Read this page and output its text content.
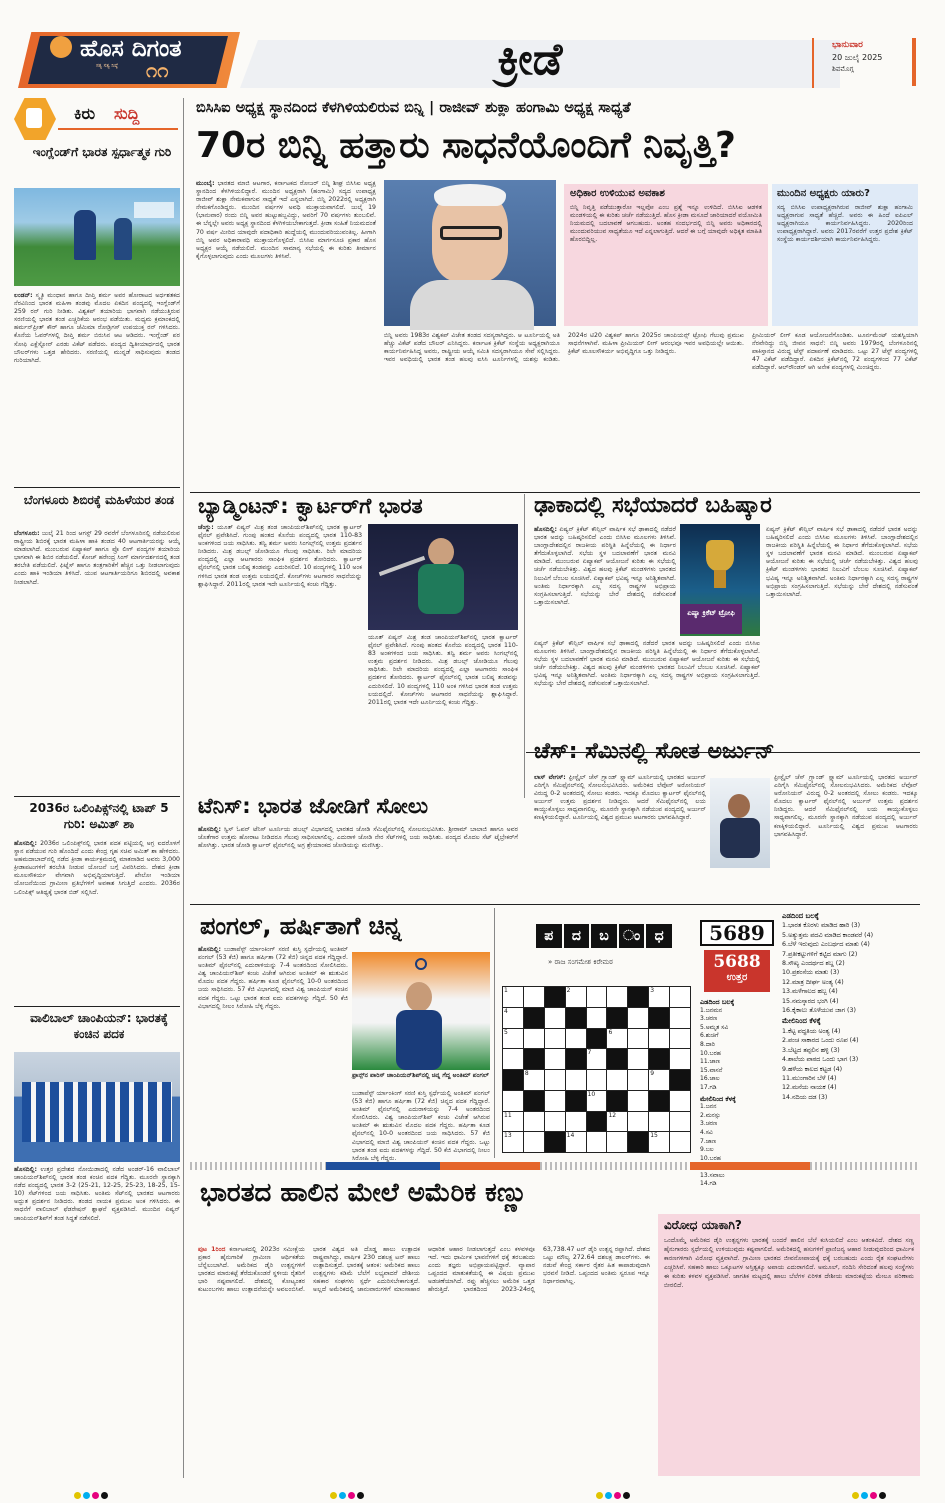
ಹೊಸ ದಿಗಂತ
ಸತ್ಯ ಸತ್ವ ನಿಷ್ಠೆ ೧೧	ಕ್ರೀಡೆ	ಭಾನುವಾರ
20 ಜುಲೈ 2025
ಶಿವಮೊಗ್ಗ
ಕಿರು ಸುದ್ದಿ
ಇಂಗ್ಲೆಂಡ್‌ಗೆ ಭಾರತ ಸ್ಪರ್ಧಾತ್ಮಕ ಗುರಿ
ಲಂಡನ್: ಸ್ಮೃತಿ ಮಂಧಾನ ಹಾಗೂ ದೀಪ್ತಿ ಶರ್ಮ ಅವರ ಹೋರಾಟದ ಅರ್ಧಶತಕದ ನೆರವಿನಿಂದ ಭಾರತ ಮಹಿಳಾ ತಂಡವು ಮೊದಲ ಏಕದಿನ ಪಂದ್ಯದಲ್ಲಿ ಇಂಗ್ಲೆಂಡ್‌ಗೆ 259 ರನ್ ಗುರಿ ನೀಡಿತು. ವಿಶ್ವಕಪ್ ತಯಾರಿಯ ಭಾಗವಾಗಿ ನಡೆಯುತ್ತಿರುವ ಸರಣಿಯಲ್ಲಿ ಭಾರತ ತಂಡ ಎಚ್ಚರಿಕೆಯ ಆರಂಭ ಪಡೆಯಿತು. ಮಧ್ಯಮ ಕ್ರಮಾಂಕದಲ್ಲಿ ಹರ್ಮನ್‌ಪ್ರೀತ್ ಕೌರ್ ಹಾಗೂ ಜೆಮಿಮಾ ರೋಡ್ರಿಗಸ್ ಉಪಯುಕ್ತ ರನ್ ಗಳಿಸಿದರು. ಕೊನೆಯ ಓವರ್‌ಗಳಲ್ಲಿ ದೀಪ್ತಿ ಶರ್ಮ ಬಿರುಸಿನ ಆಟ ಆಡಿದರು. ಇಂಗ್ಲೆಂಡ್ ಪರ ಸೋಫಿ ಎಕ್ಲೆಸ್ಟೋನ್ ಎರಡು ವಿಕೆಟ್ ಪಡೆದರು. ಪಂದ್ಯದ ದ್ವಿತೀಯಾರ್ಧದಲ್ಲಿ ಭಾರತ ಬೌಲರ್‌ಗಳು ಒತ್ತಡ ಹೇರಿದರು. ಸರಣಿಯಲ್ಲಿ ಮುನ್ನಡೆ ಸಾಧಿಸುವುದು ತಂಡದ ಗುರಿಯಾಗಿದೆ.
ಬೆಂಗಳೂರು ಶಿಬಿರಕ್ಕೆ ಮಹಿಳೆಯರ ತಂಡ
ಬೆಂಗಳೂರು: ಜುಲೈ 21 ರಿಂದ ಆಗಸ್ಟ್ 29 ರವರೆಗೆ ಬೆಂಗಳೂರಿನಲ್ಲಿ ನಡೆಯಲಿರುವ ರಾಷ್ಟ್ರೀಯ ಶಿಬಿರಕ್ಕೆ ಭಾರತ ಮಹಿಳಾ ಹಾಕಿ ತಂಡದ 40 ಆಟಗಾರ್ತಿಯರನ್ನು ಆಯ್ಕೆ ಮಾಡಲಾಗಿದೆ. ಮುಂಬರುವ ಏಷ್ಯಾಕಪ್ ಹಾಗೂ ಪ್ರೊ ಲೀಗ್ ಪಂದ್ಯಗಳ ತಯಾರಿಯ ಭಾಗವಾಗಿ ಈ ಶಿಬಿರ ನಡೆಯಲಿದೆ. ಕೋಚ್ ಹರೇಂದ್ರ ಸಿಂಗ್ ಮಾರ್ಗದರ್ಶನದಲ್ಲಿ ತಂಡ ತರಬೇತಿ ಪಡೆಯಲಿದೆ. ಫಿಟ್ನೆಸ್ ಹಾಗೂ ತಂತ್ರಗಾರಿಕೆಗೆ ಹೆಚ್ಚಿನ ಒತ್ತು ನೀಡಲಾಗುವುದು ಎಂದು ಹಾಕಿ ಇಂಡಿಯಾ ತಿಳಿಸಿದೆ. ಯುವ ಆಟಗಾರ್ತಿಯರಿಗೂ ಶಿಬಿರದಲ್ಲಿ ಅವಕಾಶ ನೀಡಲಾಗಿದೆ.
2036ರ ಒಲಿಂಪಿಕ್ಸ್‌ನಲ್ಲಿ ಟಾಪ್ 5 ಗುರಿ: ಅಮಿತ್ ಶಾ
ಹೊಸದಿಲ್ಲಿ: 2036ರ ಒಲಿಂಪಿಕ್ಸ್‌ನಲ್ಲಿ ಭಾರತ ಪದಕ ಪಟ್ಟಿಯಲ್ಲಿ ಅಗ್ರ ಐದರೊಳಗೆ ಸ್ಥಾನ ಪಡೆಯುವ ಗುರಿ ಹೊಂದಿದೆ ಎಂದು ಕೇಂದ್ರ ಗೃಹ ಸಚಿವ ಅಮಿತ್ ಶಾ ಹೇಳಿದರು. ಅಹಮದಾಬಾದ್‌ನಲ್ಲಿ ನಡೆದ ಕ್ರೀಡಾ ಕಾರ್ಯಕ್ರಮದಲ್ಲಿ ಮಾತನಾಡಿದ ಅವರು 3,000 ಕ್ರೀಡಾಪಟುಗಳಿಗೆ ತರಬೇತಿ ನೀಡುವ ಯೋಜನೆ ಬಗ್ಗೆ ವಿವರಿಸಿದರು. ದೇಶದ ಕ್ರೀಡಾ ಮೂಲಸೌಕರ್ಯ ವೇಗವಾಗಿ ಅಭಿವೃದ್ಧಿಯಾಗುತ್ತಿದೆ. ಖೇಲೋ ಇಂಡಿಯಾ ಯೋಜನೆಯಿಂದ ಗ್ರಾಮೀಣ ಪ್ರತಿಭೆಗಳಿಗೆ ಅವಕಾಶ ಸಿಗುತ್ತಿದೆ ಎಂದರು. 2036ರ ಒಲಿಂಪಿಕ್ಸ್ ಆತಿಥ್ಯಕ್ಕೆ ಭಾರತ ಬಿಡ್ ಸಲ್ಲಿಸಿದೆ.
ವಾಲಿಬಾಲ್ ಚಾಂಪಿಯನ್: ಭಾರತಕ್ಕೆ ಕಂಚಿನ ಪದಕ
ಹೊಸದಿಲ್ಲಿ: ಉತ್ತರ ಪ್ರದೇಶದ ನೋಯಿಡಾದಲ್ಲಿ ನಡೆದ ಅಂಡರ್-16 ವಾಲಿಬಾಲ್ ಚಾಂಪಿಯನ್‌ಶಿಪ್‌ನಲ್ಲಿ ಭಾರತ ತಂಡ ಕಂಚಿನ ಪದಕ ಗೆದ್ದಿತು. ಮೂರನೇ ಸ್ಥಾನಕ್ಕಾಗಿ ನಡೆದ ಪಂದ್ಯದಲ್ಲಿ ಭಾರತ 3-2 (25-21, 12-25, 25-23, 18-25, 15-10) ಸೆಟ್‌ಗಳಿಂದ ಜಯ ಸಾಧಿಸಿತು. ಅಂತಿಮ ಸೆಟ್‌ನಲ್ಲಿ ಭಾರತದ ಆಟಗಾರರು ಅದ್ಭುತ ಪ್ರದರ್ಶನ ನೀಡಿದರು. ತಂಡದ ನಾಯಕ ಪ್ರಮುಖ ಅಂಕ ಗಳಿಸಿದರು. ಈ ಸಾಧನೆಗೆ ವಾಲಿಬಾಲ್ ಫೆಡರೇಷನ್ ಶ್ಲಾಘನೆ ವ್ಯಕ್ತಪಡಿಸಿದೆ. ಮುಂದಿನ ಏಷ್ಯನ್ ಚಾಂಪಿಯನ್‌ಶಿಪ್‌ಗೆ ತಂಡ ಸಿದ್ಧತೆ ನಡೆಸಲಿದೆ.
ಬಿಸಿಸಿಐ ಅಧ್ಯಕ್ಷ ಸ್ಥಾನದಿಂದ ಕೆಳಗಿಳಿಯಲಿರುವ ಬಿನ್ನಿ | ರಾಜೀವ್ ಶುಕ್ಲಾ ಹಂಗಾಮಿ ಅಧ್ಯಕ್ಷ ಸಾಧ್ಯತೆ
70ರ ಬಿನ್ನಿ ಹತ್ತಾರು ಸಾಧನೆಯೊಂದಿಗೆ ನಿವೃತ್ತಿ?
ಮುಂಬೈ: ಭಾರತದ ಮಾಜಿ ಆಟಗಾರ, ಕರ್ನಾಟಕದ ರೋಜರ್ ಬಿನ್ನಿ ಶೀಘ್ರ ಬಿಸಿಸಿಐ ಅಧ್ಯಕ್ಷ ಸ್ಥಾನದಿಂದ ಕೆಳಗಿಳಿಯಲಿದ್ದಾರೆ. ಮುಂದಿನ ಅಧ್ಯಕ್ಷರಾಗಿ (ಹಂಗಾಮಿ) ಸದ್ಯದ ಉಪಾಧ್ಯಕ್ಷ ರಾಜೀವ್ ಶುಕ್ಲಾ ನೇಮಕವಾಗುವ ಸಾಧ್ಯತೆ ಇದೆ ಎನ್ನಲಾಗಿದೆ. ಬಿನ್ನಿ 2022ರಲ್ಲಿ ಅಧ್ಯಕ್ಷರಾಗಿ ನೇಮಕಗೊಂಡಿದ್ದರು. ಮುಂದಿನ ವರ್ಷಗಳ ಅವಧಿ ಮುಕ್ತಾಯವಾಗಲಿದೆ. ಜುಲೈ 19 (ಭಾನುವಾರ) ರಂದು ಬಿನ್ನಿ ಅವರ ಹುಟ್ಟುಹಬ್ಬವಿದ್ದು, ಅವರಿಗೆ 70 ವರ್ಷಗಳು ತುಂಬಲಿವೆ. ಈ ಬೆನ್ನಲ್ಲೇ ಅವರು ಅಧ್ಯಕ್ಷ ಸ್ಥಾನದಿಂದ ಕೆಳಗಿಳಿಯಬೇಕಾಗುತ್ತದೆ. ಕ್ರೀಡಾ ಸಂಹಿತೆ ನಿಯಮದಂತೆ 70 ವರ್ಷ ಮೀರಿದ ಯಾವುದೇ ಪದಾಧಿಕಾರಿ ಹುದ್ದೆಯಲ್ಲಿ ಮುಂದುವರಿಯುವಂತಿಲ್ಲ. ಹೀಗಾಗಿ ಬಿನ್ನಿ ಅವರ ಅಧಿಕಾರಾವಧಿ ಮುಕ್ತಾಯಗೊಳ್ಳಲಿದೆ. ಬಿಸಿಸಿಐ ಮಾರ್ಗಸೂಚಿ ಪ್ರಕಾರ ಹೊಸ ಅಧ್ಯಕ್ಷರ ಆಯ್ಕೆ ನಡೆಯಲಿದೆ. ಮುಂದಿನ ಸಾಮಾನ್ಯ ಸಭೆಯಲ್ಲಿ ಈ ಕುರಿತು ತೀರ್ಮಾನ ಕೈಗೊಳ್ಳಲಾಗುವುದು ಎಂದು ಮೂಲಗಳು ತಿಳಿಸಿವೆ.
ಅಧಿಕಾರ ಉಳಿಯುವ ಅವಕಾಶ
ಬಿನ್ನಿ ನಿವೃತ್ತಿ ಪಡೆಯುತ್ತಾರೋ ಇಲ್ಲವೋ ಎಂಬ ಪ್ರಶ್ನೆ ಇನ್ನೂ ಉಳಿದಿದೆ. ಬಿಸಿಸಿಐ ಆಡಳಿತ ಮಂಡಳಿಯಲ್ಲಿ ಈ ಕುರಿತು ಚರ್ಚೆ ನಡೆಯುತ್ತಿದೆ. ಹೊಸ ಕ್ರೀಡಾ ಮಸೂದೆ ಜಾರಿಯಾದರೆ ವಯೋಮಿತಿ ನಿಯಮದಲ್ಲಿ ಬದಲಾವಣೆ ಆಗಬಹುದು. ಅಂತಹ ಸಂದರ್ಭದಲ್ಲಿ ಬಿನ್ನಿ ಅವರು ಅಧಿಕಾರದಲ್ಲಿ ಮುಂದುವರಿಯುವ ಸಾಧ್ಯತೆಯೂ ಇದೆ ಎನ್ನಲಾಗುತ್ತಿದೆ. ಆದರೆ ಈ ಬಗ್ಗೆ ಯಾವುದೇ ಅಧಿಕೃತ ಮಾಹಿತಿ ಹೊರಬಿದ್ದಿಲ್ಲ.
ಮುಂದಿನ ಅಧ್ಯಕ್ಷರು ಯಾರು?
ಸದ್ಯ ಬಿಸಿಸಿಐ ಉಪಾಧ್ಯಕ್ಷರಾಗಿರುವ ರಾಜೀವ್ ಶುಕ್ಲಾ ಹಂಗಾಮಿ ಅಧ್ಯಕ್ಷರಾಗುವ ಸಾಧ್ಯತೆ ಹೆಚ್ಚಿದೆ. ಅವರು ಈ ಹಿಂದೆ ಐಪಿಎಲ್ ಅಧ್ಯಕ್ಷರಾಗಿಯೂ ಕಾರ್ಯನಿರ್ವಹಿಸಿದ್ದರು. 2020ರಿಂದ ಉಪಾಧ್ಯಕ್ಷರಾಗಿದ್ದಾರೆ. ಅವರು 2017ರವರೆಗೆ ಉತ್ತರ ಪ್ರದೇಶ ಕ್ರಿಕೆಟ್ ಸಂಸ್ಥೆಯ ಕಾರ್ಯದರ್ಶಿಯಾಗಿ ಕಾರ್ಯನಿರ್ವಹಿಸಿದ್ದರು.
ಬಿನ್ನಿ ಅವರು 1983ರ ವಿಶ್ವಕಪ್ ವಿಜೇತ ತಂಡದ ಸದಸ್ಯರಾಗಿದ್ದರು. ಆ ಟೂರ್ನಿಯಲ್ಲಿ ಅತಿ ಹೆಚ್ಚು ವಿಕೆಟ್ ಪಡೆದ ಬೌಲರ್ ಎನಿಸಿದ್ದರು. ಕರ್ನಾಟಕ ಕ್ರಿಕೆಟ್ ಸಂಸ್ಥೆಯ ಅಧ್ಯಕ್ಷರಾಗಿಯೂ ಕಾರ್ಯನಿರ್ವಹಿಸಿದ್ದ ಅವರು, ರಾಷ್ಟ್ರೀಯ ಆಯ್ಕೆ ಸಮಿತಿ ಸದಸ್ಯರಾಗಿಯೂ ಸೇವೆ ಸಲ್ಲಿಸಿದ್ದರು. ಇವರ ಅವಧಿಯಲ್ಲಿ ಭಾರತ ತಂಡ ಹಲವು ಐಸಿಸಿ ಟೂರ್ನಿಗಳಲ್ಲಿ ಯಶಸ್ಸು ಕಂಡಿತು. 2024ರ ಟಿ20 ವಿಶ್ವಕಪ್ ಹಾಗೂ 2025ರ ಚಾಂಪಿಯನ್ಸ್ ಟ್ರೋಫಿ ಗೆಲುವು ಪ್ರಮುಖ ಸಾಧನೆಗಳಾಗಿವೆ. ಮಹಿಳಾ ಪ್ರೀಮಿಯರ್ ಲೀಗ್ ಆರಂಭವೂ ಇವರ ಅವಧಿಯಲ್ಲೇ ಆಯಿತು. ಕ್ರಿಕೆಟ್ ಮೂಲಸೌಕರ್ಯ ಅಭಿವೃದ್ಧಿಗೂ ಒತ್ತು ನೀಡಿದ್ದರು.
ಪ್ರೀಮಿಯರ್ ಲೀಗ್ ಕೂಡ ಆಯೋಜನೆಗೊಂಡಿತು. ಟೂರ್ನಮೆಂಟ್ ಯಶಸ್ವಿಯಾಗಿ ನೆರವೇರಿದ್ದು ಬಿನ್ನಿ ಜೀವನ ಸಾಧನೆ: ಬಿನ್ನಿ ಅವರು 1979ರಲ್ಲಿ ಬೆಂಗಳೂರಿನಲ್ಲಿ ಪಾಕಿಸ್ತಾನದ ವಿರುದ್ಧ ಟೆಸ್ಟ್ ಪದಾರ್ಪಣೆ ಮಾಡಿದರು. ಒಟ್ಟು 27 ಟೆಸ್ಟ್ ಪಂದ್ಯಗಳಲ್ಲಿ 47 ವಿಕೆಟ್ ಪಡೆದಿದ್ದಾರೆ. ಏಕದಿನ ಕ್ರಿಕೆಟ್‌ನಲ್ಲಿ 72 ಪಂದ್ಯಗಳಿಂದ 77 ವಿಕೆಟ್ ಪಡೆದಿದ್ದಾರೆ. ಆಲ್‌ರೌಂಡರ್ ಆಗಿ ಅನೇಕ ಪಂದ್ಯಗಳಲ್ಲಿ ಮಿಂಚಿದ್ದರು.
ಬ್ಯಾಡ್ಮಿಂಟನ್: ಕ್ವಾರ್ಟರ್‌ಗೆ ಭಾರತ
ಚೆಂಗ್ಡು: ಯೂತ್ ಏಷ್ಯನ್ ಮಿಶ್ರ ತಂಡ ಚಾಂಪಿಯನ್‌ಶಿಪ್‌ನಲ್ಲಿ ಭಾರತ ಕ್ವಾರ್ಟರ್ ಫೈನಲ್ ಪ್ರವೇಶಿಸಿದೆ. ಗುಂಪು ಹಂತದ ಕೊನೆಯ ಪಂದ್ಯದಲ್ಲಿ ಭಾರತ 110-83 ಅಂಕಗಳಿಂದ ಜಯ ಸಾಧಿಸಿತು. ತನ್ವಿ ಶರ್ಮ ಅವರು ಸಿಂಗಲ್ಸ್‌ನಲ್ಲಿ ಉತ್ತಮ ಪ್ರದರ್ಶನ ನೀಡಿದರು. ಮಿಶ್ರ ಡಬಲ್ಸ್ ಜೋಡಿಯೂ ಗೆಲುವು ಸಾಧಿಸಿತು. ರಿಲೇ ಮಾದರಿಯ ಪಂದ್ಯದಲ್ಲಿ ಎಲ್ಲಾ ಆಟಗಾರರು ಸಾಂಘಿಕ ಪ್ರದರ್ಶನ ತೋರಿದರು. ಕ್ವಾರ್ಟರ್ ಫೈನಲ್‌ನಲ್ಲಿ ಭಾರತ ಬಲಿಷ್ಠ ತಂಡವನ್ನು ಎದುರಿಸಲಿದೆ. 10 ಪಂದ್ಯಗಳಲ್ಲಿ 110 ಅಂಕ ಗಳಿಸಿದ ಭಾರತ ತಂಡ ಉತ್ತಮ ಲಯದಲ್ಲಿದೆ. ಕೋಚ್‌ಗಳು ಆಟಗಾರರ ಸಾಧನೆಯನ್ನು ಶ್ಲಾಘಿಸಿದ್ದಾರೆ. 2011ರಲ್ಲಿ ಭಾರತ ಇದೇ ಟೂರ್ನಿಯಲ್ಲಿ ಕಂಚು ಗೆದ್ದಿತ್ತು.
ಯೂತ್ ಏಷ್ಯನ್ ಮಿಶ್ರ ತಂಡ ಚಾಂಪಿಯನ್‌ಶಿಪ್‌ನಲ್ಲಿ ಭಾರತ ಕ್ವಾರ್ಟರ್ ಫೈನಲ್ ಪ್ರವೇಶಿಸಿದೆ. ಗುಂಪು ಹಂತದ ಕೊನೆಯ ಪಂದ್ಯದಲ್ಲಿ ಭಾರತ 110-83 ಅಂಕಗಳಿಂದ ಜಯ ಸಾಧಿಸಿತು. ತನ್ವಿ ಶರ್ಮ ಅವರು ಸಿಂಗಲ್ಸ್‌ನಲ್ಲಿ ಉತ್ತಮ ಪ್ರದರ್ಶನ ನೀಡಿದರು. ಮಿಶ್ರ ಡಬಲ್ಸ್ ಜೋಡಿಯೂ ಗೆಲುವು ಸಾಧಿಸಿತು. ರಿಲೇ ಮಾದರಿಯ ಪಂದ್ಯದಲ್ಲಿ ಎಲ್ಲಾ ಆಟಗಾರರು ಸಾಂಘಿಕ ಪ್ರದರ್ಶನ ತೋರಿದರು. ಕ್ವಾರ್ಟರ್ ಫೈನಲ್‌ನಲ್ಲಿ ಭಾರತ ಬಲಿಷ್ಠ ತಂಡವನ್ನು ಎದುರಿಸಲಿದೆ. 10 ಪಂದ್ಯಗಳಲ್ಲಿ 110 ಅಂಕ ಗಳಿಸಿದ ಭಾರತ ತಂಡ ಉತ್ತಮ ಲಯದಲ್ಲಿದೆ. ಕೋಚ್‌ಗಳು ಆಟಗಾರರ ಸಾಧನೆಯನ್ನು ಶ್ಲಾಘಿಸಿದ್ದಾರೆ. 2011ರಲ್ಲಿ ಭಾರತ ಇದೇ ಟೂರ್ನಿಯಲ್ಲಿ ಕಂಚು ಗೆದ್ದಿತ್ತು.
ಢಾಕಾದಲ್ಲಿ ಸಭೆಯಾದರೆ ಬಹಿಷ್ಕಾರ
ಹೊಸದಿಲ್ಲಿ: ಏಷ್ಯನ್ ಕ್ರಿಕೆಟ್ ಕೌನ್ಸಿಲ್ ವಾರ್ಷಿಕ ಸಭೆ ಢಾಕಾದಲ್ಲಿ ನಡೆದರೆ ಭಾರತ ಅದನ್ನು ಬಹಿಷ್ಕರಿಸಲಿದೆ ಎಂದು ಬಿಸಿಸಿಐ ಮೂಲಗಳು ತಿಳಿಸಿವೆ. ಬಾಂಗ್ಲಾದೇಶದಲ್ಲಿನ ರಾಜಕೀಯ ಪರಿಸ್ಥಿತಿ ಹಿನ್ನೆಲೆಯಲ್ಲಿ ಈ ನಿರ್ಧಾರ ತೆಗೆದುಕೊಳ್ಳಲಾಗಿದೆ. ಸಭೆಯ ಸ್ಥಳ ಬದಲಾವಣೆಗೆ ಭಾರತ ಮನವಿ ಮಾಡಿದೆ. ಮುಂಬರುವ ಏಷ್ಯಾಕಪ್ ಆಯೋಜನೆ ಕುರಿತು ಈ ಸಭೆಯಲ್ಲಿ ಚರ್ಚೆ ನಡೆಯಬೇಕಿತ್ತು. ವಿಶ್ವದ ಹಲವು ಕ್ರಿಕೆಟ್ ಮಂಡಳಿಗಳು ಭಾರತದ ನಿಲುವಿಗೆ ಬೆಂಬಲ ಸೂಚಿಸಿವೆ. ಏಷ್ಯಾಕಪ್ ಭವಿಷ್ಯ ಇನ್ನೂ ಅನಿಶ್ಚಿತವಾಗಿದೆ. ಅಂತಿಮ ನಿರ್ಧಾರಕ್ಕಾಗಿ ಎಲ್ಲ ಸದಸ್ಯ ರಾಷ್ಟ್ರಗಳ ಅಭಿಪ್ರಾಯ ಸಂಗ್ರಹಿಸಲಾಗುತ್ತಿದೆ. ಸಭೆಯನ್ನು ಬೇರೆ ದೇಶದಲ್ಲಿ ನಡೆಸುವಂತೆ ಒತ್ತಾಯಿಸಲಾಗಿದೆ.
ಏಷ್ಯಾ ಕ್ರಿಕೆಟ್ ಟ್ರೋಫಿ
ಏಷ್ಯನ್ ಕ್ರಿಕೆಟ್ ಕೌನ್ಸಿಲ್ ವಾರ್ಷಿಕ ಸಭೆ ಢಾಕಾದಲ್ಲಿ ನಡೆದರೆ ಭಾರತ ಅದನ್ನು ಬಹಿಷ್ಕರಿಸಲಿದೆ ಎಂದು ಬಿಸಿಸಿಐ ಮೂಲಗಳು ತಿಳಿಸಿವೆ. ಬಾಂಗ್ಲಾದೇಶದಲ್ಲಿನ ರಾಜಕೀಯ ಪರಿಸ್ಥಿತಿ ಹಿನ್ನೆಲೆಯಲ್ಲಿ ಈ ನಿರ್ಧಾರ ತೆಗೆದುಕೊಳ್ಳಲಾಗಿದೆ. ಸಭೆಯ ಸ್ಥಳ ಬದಲಾವಣೆಗೆ ಭಾರತ ಮನವಿ ಮಾಡಿದೆ. ಮುಂಬರುವ ಏಷ್ಯಾಕಪ್ ಆಯೋಜನೆ ಕುರಿತು ಈ ಸಭೆಯಲ್ಲಿ ಚರ್ಚೆ ನಡೆಯಬೇಕಿತ್ತು. ವಿಶ್ವದ ಹಲವು ಕ್ರಿಕೆಟ್ ಮಂಡಳಿಗಳು ಭಾರತದ ನಿಲುವಿಗೆ ಬೆಂಬಲ ಸೂಚಿಸಿವೆ. ಏಷ್ಯಾಕಪ್ ಭವಿಷ್ಯ ಇನ್ನೂ ಅನಿಶ್ಚಿತವಾಗಿದೆ. ಅಂತಿಮ ನಿರ್ಧಾರಕ್ಕಾಗಿ ಎಲ್ಲ ಸದಸ್ಯ ರಾಷ್ಟ್ರಗಳ ಅಭಿಪ್ರಾಯ ಸಂಗ್ರಹಿಸಲಾಗುತ್ತಿದೆ. ಸಭೆಯನ್ನು ಬೇರೆ ದೇಶದಲ್ಲಿ ನಡೆಸುವಂತೆ ಒತ್ತಾಯಿಸಲಾಗಿದೆ.
ಏಷ್ಯನ್ ಕ್ರಿಕೆಟ್ ಕೌನ್ಸಿಲ್ ವಾರ್ಷಿಕ ಸಭೆ ಢಾಕಾದಲ್ಲಿ ನಡೆದರೆ ಭಾರತ ಅದನ್ನು ಬಹಿಷ್ಕರಿಸಲಿದೆ ಎಂದು ಬಿಸಿಸಿಐ ಮೂಲಗಳು ತಿಳಿಸಿವೆ. ಬಾಂಗ್ಲಾದೇಶದಲ್ಲಿನ ರಾಜಕೀಯ ಪರಿಸ್ಥಿತಿ ಹಿನ್ನೆಲೆಯಲ್ಲಿ ಈ ನಿರ್ಧಾರ ತೆಗೆದುಕೊಳ್ಳಲಾಗಿದೆ. ಸಭೆಯ ಸ್ಥಳ ಬದಲಾವಣೆಗೆ ಭಾರತ ಮನವಿ ಮಾಡಿದೆ. ಮುಂಬರುವ ಏಷ್ಯಾಕಪ್ ಆಯೋಜನೆ ಕುರಿತು ಈ ಸಭೆಯಲ್ಲಿ ಚರ್ಚೆ ನಡೆಯಬೇಕಿತ್ತು. ವಿಶ್ವದ ಹಲವು ಕ್ರಿಕೆಟ್ ಮಂಡಳಿಗಳು ಭಾರತದ ನಿಲುವಿಗೆ ಬೆಂಬಲ ಸೂಚಿಸಿವೆ. ಏಷ್ಯಾಕಪ್ ಭವಿಷ್ಯ ಇನ್ನೂ ಅನಿಶ್ಚಿತವಾಗಿದೆ. ಅಂತಿಮ ನಿರ್ಧಾರಕ್ಕಾಗಿ ಎಲ್ಲ ಸದಸ್ಯ ರಾಷ್ಟ್ರಗಳ ಅಭಿಪ್ರಾಯ ಸಂಗ್ರಹಿಸಲಾಗುತ್ತಿದೆ. ಸಭೆಯನ್ನು ಬೇರೆ ದೇಶದಲ್ಲಿ ನಡೆಸುವಂತೆ ಒತ್ತಾಯಿಸಲಾಗಿದೆ.
ಚೆಸ್: ಸೆಮಿನಲ್ಲಿ ಸೋತ ಅರ್ಜುನ್
ಲಾಸ್ ವೇಗಸ್: ಫ್ರೀಸ್ಟೈಲ್ ಚೆಸ್ ಗ್ರ್ಯಾಂಡ್ ಸ್ಲ್ಯಾಮ್ ಟೂರ್ನಿಯಲ್ಲಿ ಭಾರತದ ಅರ್ಜುನ್ ಎರಿಗೈಸಿ ಸೆಮಿಫೈನಲ್‌ನಲ್ಲಿ ಸೋಲನುಭವಿಸಿದರು. ಅಮೆರಿಕದ ಲೆವೊನ್ ಅರೋನಿಯನ್ ವಿರುದ್ಧ 0-2 ಅಂತರದಲ್ಲಿ ಸೋಲು ಕಂಡರು. ಇದಕ್ಕೂ ಮೊದಲು ಕ್ವಾರ್ಟರ್ ಫೈನಲ್‌ನಲ್ಲಿ ಅರ್ಜುನ್ ಉತ್ತಮ ಪ್ರದರ್ಶನ ನೀಡಿದ್ದರು. ಆದರೆ ಸೆಮಿಫೈನಲ್‌ನಲ್ಲಿ ಲಯ ಕಾಯ್ದುಕೊಳ್ಳಲು ಸಾಧ್ಯವಾಗಲಿಲ್ಲ. ಮೂರನೇ ಸ್ಥಾನಕ್ಕಾಗಿ ನಡೆಯುವ ಪಂದ್ಯದಲ್ಲಿ ಅರ್ಜುನ್ ಕಣಕ್ಕಿಳಿಯಲಿದ್ದಾರೆ. ಟೂರ್ನಿಯಲ್ಲಿ ವಿಶ್ವದ ಪ್ರಮುಖ ಆಟಗಾರರು ಭಾಗವಹಿಸಿದ್ದಾರೆ.
ಫ್ರೀಸ್ಟೈಲ್ ಚೆಸ್ ಗ್ರ್ಯಾಂಡ್ ಸ್ಲ್ಯಾಮ್ ಟೂರ್ನಿಯಲ್ಲಿ ಭಾರತದ ಅರ್ಜುನ್ ಎರಿಗೈಸಿ ಸೆಮಿಫೈನಲ್‌ನಲ್ಲಿ ಸೋಲನುಭವಿಸಿದರು. ಅಮೆರಿಕದ ಲೆವೊನ್ ಅರೋನಿಯನ್ ವಿರುದ್ಧ 0-2 ಅಂತರದಲ್ಲಿ ಸೋಲು ಕಂಡರು. ಇದಕ್ಕೂ ಮೊದಲು ಕ್ವಾರ್ಟರ್ ಫೈನಲ್‌ನಲ್ಲಿ ಅರ್ಜುನ್ ಉತ್ತಮ ಪ್ರದರ್ಶನ ನೀಡಿದ್ದರು. ಆದರೆ ಸೆಮಿಫೈನಲ್‌ನಲ್ಲಿ ಲಯ ಕಾಯ್ದುಕೊಳ್ಳಲು ಸಾಧ್ಯವಾಗಲಿಲ್ಲ. ಮೂರನೇ ಸ್ಥಾನಕ್ಕಾಗಿ ನಡೆಯುವ ಪಂದ್ಯದಲ್ಲಿ ಅರ್ಜುನ್ ಕಣಕ್ಕಿಳಿಯಲಿದ್ದಾರೆ. ಟೂರ್ನಿಯಲ್ಲಿ ವಿಶ್ವದ ಪ್ರಮುಖ ಆಟಗಾರರು ಭಾಗವಹಿಸಿದ್ದಾರೆ.
ಟೆನಿಸ್: ಭಾರತ ಜೋಡಿಗೆ ಸೋಲು
ಹೊಸದಿಲ್ಲಿ: ಸ್ವಿಸ್ ಓಪನ್ ಟೆನಿಸ್ ಟೂರ್ನಿಯ ಡಬಲ್ಸ್ ವಿಭಾಗದಲ್ಲಿ ಭಾರತದ ಜೋಡಿ ಸೆಮಿಫೈನಲ್‌ನಲ್ಲಿ ಸೋಲನುಭವಿಸಿತು. ಶ್ರೀರಾಮ್ ಬಾಲಾಜಿ ಹಾಗೂ ಅವರ ಜೊತೆಗಾರ ಉತ್ತಮ ಹೋರಾಟ ನೀಡಿದರೂ ಗೆಲುವು ಸಾಧಿಸಲಾಗಲಿಲ್ಲ. ಎದುರಾಳಿ ಜೋಡಿ ನೇರ ಸೆಟ್‌ಗಳಲ್ಲಿ ಜಯ ಸಾಧಿಸಿತು. ಪಂದ್ಯದ ಮೊದಲ ಸೆಟ್ ಟೈಬ್ರೇಕರ್‌ಗೆ ಹೋಗಿತ್ತು. ಭಾರತ ಜೋಡಿ ಕ್ವಾರ್ಟರ್ ಫೈನಲ್‌ನಲ್ಲಿ ಅಗ್ರ ಶ್ರೇಯಾಂಕದ ಜೋಡಿಯನ್ನು ಮಣಿಸಿತ್ತು.
ಪಂಗಲ್, ಹರ್ಷಿತಾಗೆ ಚಿನ್ನ
ಹೊಸದಿಲ್ಲಿ: ಬುಡಾಪೆಸ್ಟ್ ರ್ಯಾಂಕಿಂಗ್ ಸರಣಿ ಕುಸ್ತಿ ಸ್ಪರ್ಧೆಯಲ್ಲಿ ಅಂತಿಮ್ ಪಂಗಲ್ (53 ಕೆಜಿ) ಹಾಗೂ ಹರ್ಷಿತಾ (72 ಕೆಜಿ) ಚಿನ್ನದ ಪದಕ ಗೆದ್ದಿದ್ದಾರೆ. ಅಂತಿಮ್ ಫೈನಲ್‌ನಲ್ಲಿ ಎದುರಾಳಿಯನ್ನು 7-4 ಅಂತರದಿಂದ ಸೋಲಿಸಿದರು. ವಿಶ್ವ ಚಾಂಪಿಯನ್‌ಶಿಪ್ ಕಂಚು ವಿಜೇತೆ ಆಗಿರುವ ಅಂತಿಮ್ ಈ ಋತುವಿನ ಮೊದಲ ಪದಕ ಗೆದ್ದರು. ಹರ್ಷಿತಾ ಕೂಡ ಫೈನಲ್‌ನಲ್ಲಿ 10-0 ಅಂತರದಿಂದ ಜಯ ಸಾಧಿಸಿದರು. 57 ಕೆಜಿ ವಿಭಾಗದಲ್ಲಿ ಮಾಜಿ ವಿಶ್ವ ಚಾಂಪಿಯನ್ ಕಂಚಿನ ಪದಕ ಗೆದ್ದರು. ಒಟ್ಟು ಭಾರತ ತಂಡ ಐದು ಪದಕಗಳನ್ನು ಗೆದ್ದಿದೆ. 50 ಕೆಜಿ ವಿಭಾಗದಲ್ಲಿ ನೀಲಂ ಸಿರೋಹಿ ಬೆಳ್ಳಿ ಗೆದ್ದರು.
ಫ್ರಾನ್ಸ್‌ನ ಪಾರಿಸ್ ಚಾಂಪಿಯನ್‌ಶಿಪ್‌ನಲ್ಲಿ ಚಿನ್ನ ಗೆದ್ದ ಅಂತಿಮ್ ಪಂಗಲ್
ಬುಡಾಪೆಸ್ಟ್ ರ್ಯಾಂಕಿಂಗ್ ಸರಣಿ ಕುಸ್ತಿ ಸ್ಪರ್ಧೆಯಲ್ಲಿ ಅಂತಿಮ್ ಪಂಗಲ್ (53 ಕೆಜಿ) ಹಾಗೂ ಹರ್ಷಿತಾ (72 ಕೆಜಿ) ಚಿನ್ನದ ಪದಕ ಗೆದ್ದಿದ್ದಾರೆ. ಅಂತಿಮ್ ಫೈನಲ್‌ನಲ್ಲಿ ಎದುರಾಳಿಯನ್ನು 7-4 ಅಂತರದಿಂದ ಸೋಲಿಸಿದರು. ವಿಶ್ವ ಚಾಂಪಿಯನ್‌ಶಿಪ್ ಕಂಚು ವಿಜೇತೆ ಆಗಿರುವ ಅಂತಿಮ್ ಈ ಋತುವಿನ ಮೊದಲ ಪದಕ ಗೆದ್ದರು. ಹರ್ಷಿತಾ ಕೂಡ ಫೈನಲ್‌ನಲ್ಲಿ 10-0 ಅಂತರದಿಂದ ಜಯ ಸಾಧಿಸಿದರು. 57 ಕೆಜಿ ವಿಭಾಗದಲ್ಲಿ ಮಾಜಿ ವಿಶ್ವ ಚಾಂಪಿಯನ್ ಕಂಚಿನ ಪದಕ ಗೆದ್ದರು. ಒಟ್ಟು ಭಾರತ ತಂಡ ಐದು ಪದಕಗಳನ್ನು ಗೆದ್ದಿದೆ. 50 ಕೆಜಿ ವಿಭಾಗದಲ್ಲಿ ನೀಲಂ ಸಿರೋಹಿ ಬೆಳ್ಳಿ ಗೆದ್ದರು.
ಪ	ದ	ಬ	ಂ	ಧ
» ರಾಜ ಸಂಗಮೇಶ ಕಿರೇಮಠ
1	2	3
4
5	6
7
8	9
10
11	12
13	14	15
5689
5688
ಉತ್ತರ
ಎಡದಿಂದ ಬಲಕ್ಕೆ
1.ಜನಮನ
3.ಚರಣ
5.ಅಮೃತ ಸವಿ
6.ಶುಚಿಗೆ
8.ದಾರಿ
10.ಬರಹ
11.ಜಾಣ
15.ವಾಸನೆ
16.ಜಾಲ
17.ಗಡಿ
ಮೇಲಿನಿಂದ ಕೆಳಕ್ಕೆ
1.ಜನನ
2.ಮನಸ್ಸು
3.ಚರಣ
4.ಸವಿ
7.ಜಾಣ
9.ಬಲ
10.ಬರಹ
13.ಸವಾಲು
14.ಗಡಿ
ಎಡದಿಂದ ಬಲಕ್ಕೆ
1.ಭಾರತ ಕೊರಳು ಮಾಡಿದ ಹಾರಿ (3)
5.ಅತ್ಯುತ್ತಮ ಪದವಿ ಮಾಡಿದ ಕಾಂಡವರೆ (4)
6.ಬೆಳೆ ಇರುವುದು ಎಂಬರ್ಥದ ಮಾತು (4)
7.ಪ್ರತೀಕಟ್ಟುಗಳಿಗೆ ಕಟ್ಟಿದ ಮಾಗು (2)
8.ಸೌಖ್ಯ ಎಂದರ್ಥದ ಶಬ್ದ (2)
10.ಪ್ರಶಂಸೆಯ ಮಾತು (3)
12.ಮಾತ್ರ ದೀರ್ಘ ಅಂತ್ಯ (4)
13.ಮಳೆಗಾಲದ ಹಬ್ಬ (4)
15.ನಮಸ್ಕಾರದ ಭಂಗಿ (4)
16.ಕೈಕಾಲು ತೊಳೆಯುವ ಜಾಗ (3)
ಮೇಲಿನಿಂದ ಕೆಳಕ್ಕೆ
1.ಕೆಟ್ಟ ಪದ್ಧತಿಯ ಅಂತ್ಯ (4)
2.ಪಂಚ ಸಾಕಾರದ ಒಂದು ರೂಪ (4)
3.ಬೆಟ್ಟದ ತಪ್ಪಲಿನ ಹಳ್ಳಿ (3)
4.ಶಾಲೆಯ ಪಾಠದ ಒಂದು ಭಾಗ (3)
9.ಹಳೆಯ ಕಾಲದ ಕಟ್ಟಡ (4)
11.ಮುಂಗಾರಿನ ಬೆಳೆ (4)
12.ಮನೆಯ ನಾಯಕ (4)
14.ನದಿಯ ದಡ (3)
ಭಾರತದ ಹಾಲಿನ ಮೇಲೆ ಅಮೆರಿಕ ಕಣ್ಣು
ಪುಟ 1ರಿಂದ ಕರ್ನಾಟಕದಲ್ಲಿ 2023ರ ಸಮೀಕ್ಷೆಯ ಪ್ರಕಾರ ಹೈನುಗಾರಿಕೆ ಗ್ರಾಮೀಣ ಆರ್ಥಿಕತೆಯ ಬೆನ್ನೆಲುಬಾಗಿದೆ. ಅಮೆರಿಕದ ಡೈರಿ ಉತ್ಪನ್ನಗಳಿಗೆ ಭಾರತದ ಮಾರುಕಟ್ಟೆ ತೆರೆದುಕೊಂಡರೆ ಸ್ಥಳೀಯ ರೈತರಿಗೆ ಭಾರಿ ನಷ್ಟವಾಗಲಿದೆ. ದೇಶದಲ್ಲಿ ಕೋಟ್ಯಂತರ ಕುಟುಂಬಗಳು ಹಾಲು ಉತ್ಪಾದನೆಯನ್ನೇ ಅವಲಂಬಿಸಿವೆ. ಭಾರತ ವಿಶ್ವದ ಅತಿ ದೊಡ್ಡ ಹಾಲು ಉತ್ಪಾದಕ ರಾಷ್ಟ್ರವಾಗಿದ್ದು, ವಾರ್ಷಿಕ 230 ದಶಲಕ್ಷ ಟನ್ ಹಾಲು ಉತ್ಪಾದಿಸುತ್ತದೆ. ಭಾರತಕ್ಕೆ ಆತಂಕ: ಅಮೆರಿಕದ ಹಾಲು ಉತ್ಪನ್ನಗಳು ಕಡಿಮೆ ಬೆಲೆಗೆ ಲಭ್ಯವಾದರೆ ದೇಶೀಯ ಸಹಕಾರ ಸಂಘಗಳು ಸ್ಪರ್ಧೆ ಎದುರಿಸಬೇಕಾಗುತ್ತದೆ. ಅಲ್ಲದೆ ಅಮೆರಿಕದಲ್ಲಿ ಜಾನುವಾರುಗಳಿಗೆ ಮಾಂಸಾಹಾರ ಆಧಾರಿತ ಆಹಾರ ನೀಡಲಾಗುತ್ತದೆ ಎಂಬ ಕಳವಳವೂ ಇದೆ. ಇದು ಧಾರ್ಮಿಕ ಭಾವನೆಗಳಿಗೆ ಧಕ್ಕೆ ತರಬಹುದು ಎಂದು ತಜ್ಞರು ಅಭಿಪ್ರಾಯಪಟ್ಟಿದ್ದಾರೆ. ವ್ಯಾಪಾರ ಒಪ್ಪಂದದ ಮಾತುಕತೆಯಲ್ಲಿ ಈ ವಿಷಯ ಪ್ರಮುಖ ಅಡಚಣೆಯಾಗಿದೆ. ರಫ್ತು ಹೆಚ್ಚಿಸಲು ಅಮೆರಿಕ ಒತ್ತಡ ಹೇರುತ್ತಿದೆ. ಭಾರತದಿಂದ 2023-24ರಲ್ಲಿ 63,738.47 ಟನ್ ಡೈರಿ ಉತ್ಪನ್ನ ರಫ್ತಾಗಿದೆ. ದೇಶದ ಒಟ್ಟು ಮೌಲ್ಯ 272.64 ದಶಲಕ್ಷ ಡಾಲರ್‌ಗಳು. ಈ ನಡುವೆ ಕೇಂದ್ರ ಸರ್ಕಾರ ರೈತರ ಹಿತ ಕಾಪಾಡುವುದಾಗಿ ಭರವಸೆ ನೀಡಿದೆ. ಒಪ್ಪಂದದ ಅಂತಿಮ ಸ್ವರೂಪ ಇನ್ನೂ ನಿರ್ಧಾರವಾಗಿಲ್ಲ.
ವಿರೋಧ ಯಾಕಾಗಿ?
ಒಂದೊಮ್ಮೆ ಅಮೆರಿಕದ ಡೈರಿ ಉತ್ಪನ್ನಗಳು ಭಾರತಕ್ಕೆ ಬಂದರೆ ಹಾಲಿನ ಬೆಲೆ ಕುಸಿಯಲಿದೆ ಎಂಬ ಆತಂಕವಿದೆ. ದೇಶದ ಸಣ್ಣ ಹೈನುಗಾರರು ಸ್ಪರ್ಧೆಯಲ್ಲಿ ಉಳಿಯುವುದು ಕಷ್ಟವಾಗಲಿದೆ. ಅಮೆರಿಕದಲ್ಲಿ ಹಸುಗಳಿಗೆ ಪ್ರಾಣಿಜನ್ಯ ಆಹಾರ ನೀಡುವುದರಿಂದ ಧಾರ್ಮಿಕ ಕಾರಣಗಳಿಗಾಗಿ ವಿರೋಧ ವ್ಯಕ್ತವಾಗಿದೆ. ಗ್ರಾಮೀಣ ಭಾರತದ ಜೀವನೋಪಾಯಕ್ಕೆ ಧಕ್ಕೆ ಬರಬಹುದು ಎಂದು ರೈತ ಸಂಘಟನೆಗಳು ಎಚ್ಚರಿಸಿವೆ. ಸಹಕಾರಿ ಹಾಲು ಒಕ್ಕೂಟಗಳ ಅಸ್ತಿತ್ವಕ್ಕೂ ಅಪಾಯ ಎದುರಾಗಲಿದೆ. ಅಮೂಲ್, ನಂದಿನಿ ಸೇರಿದಂತೆ ಹಲವು ಸಂಸ್ಥೆಗಳು ಈ ಕುರಿತು ಕಳವಳ ವ್ಯಕ್ತಪಡಿಸಿವೆ. ಜಾಗತಿಕ ಮಟ್ಟದಲ್ಲಿ ಹಾಲು ಬೆಲೆಗಳ ಏರಿಳಿತ ದೇಶೀಯ ಮಾರುಕಟ್ಟೆಯ ಮೇಲೂ ಪರಿಣಾಮ ಬೀರಲಿದೆ.
